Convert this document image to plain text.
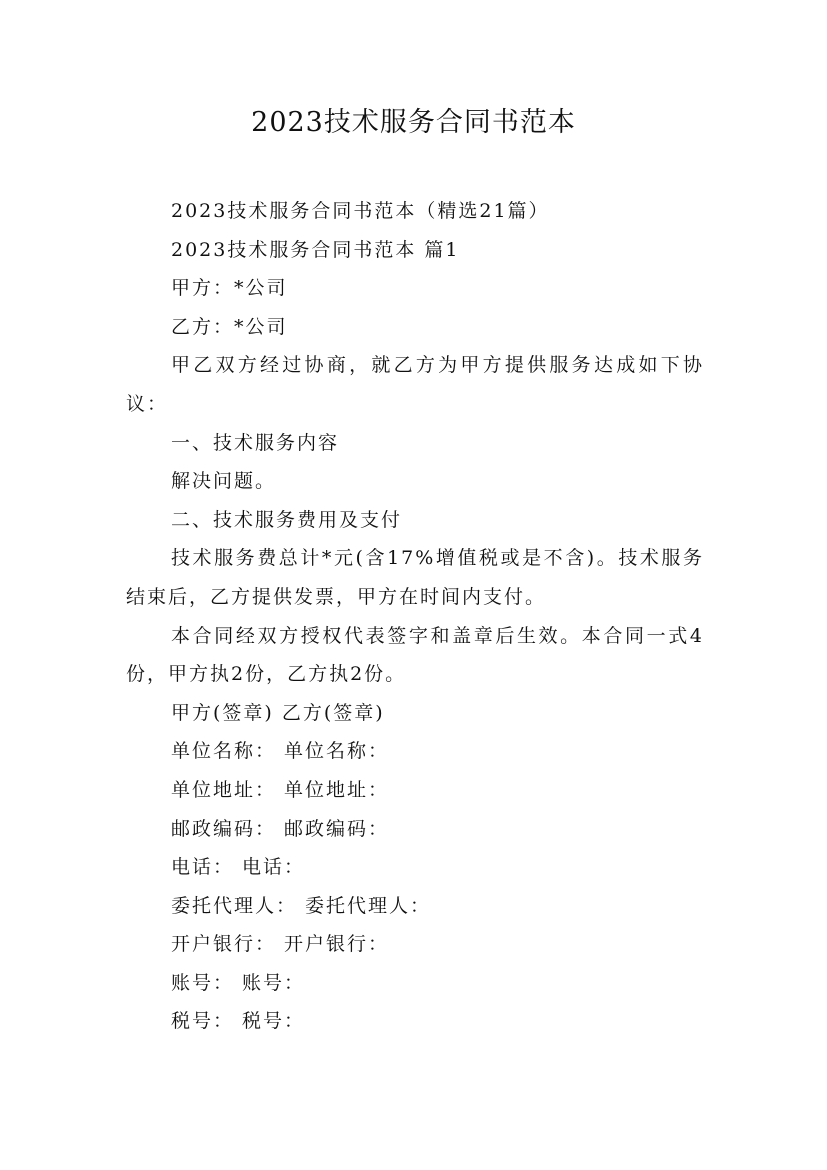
2023技术服务合同书范本

2023技术服务合同书范本（精选21篇）

2023技术服务合同书范本 篇1

甲方：*公司

乙方：*公司

甲乙双方经过协商，就乙方为甲方提供服务达成如下协议：

一、技术服务内容

解决问题。

二、技术服务费用及支付

技术服务费总计*元(含17%增值税或是不含)。技术服务结束后，乙方提供发票，甲方在时间内支付。

本合同经双方授权代表签字和盖章后生效。本合同一式4份，甲方执2份，乙方执2份。

甲方(签章) 乙方(签章)

单位名称： 单位名称：

单位地址： 单位地址：

邮政编码： 邮政编码：

电话： 电话：

委托代理人： 委托代理人：

开户银行： 开户银行：

账号： 账号：

税号： 税号：
